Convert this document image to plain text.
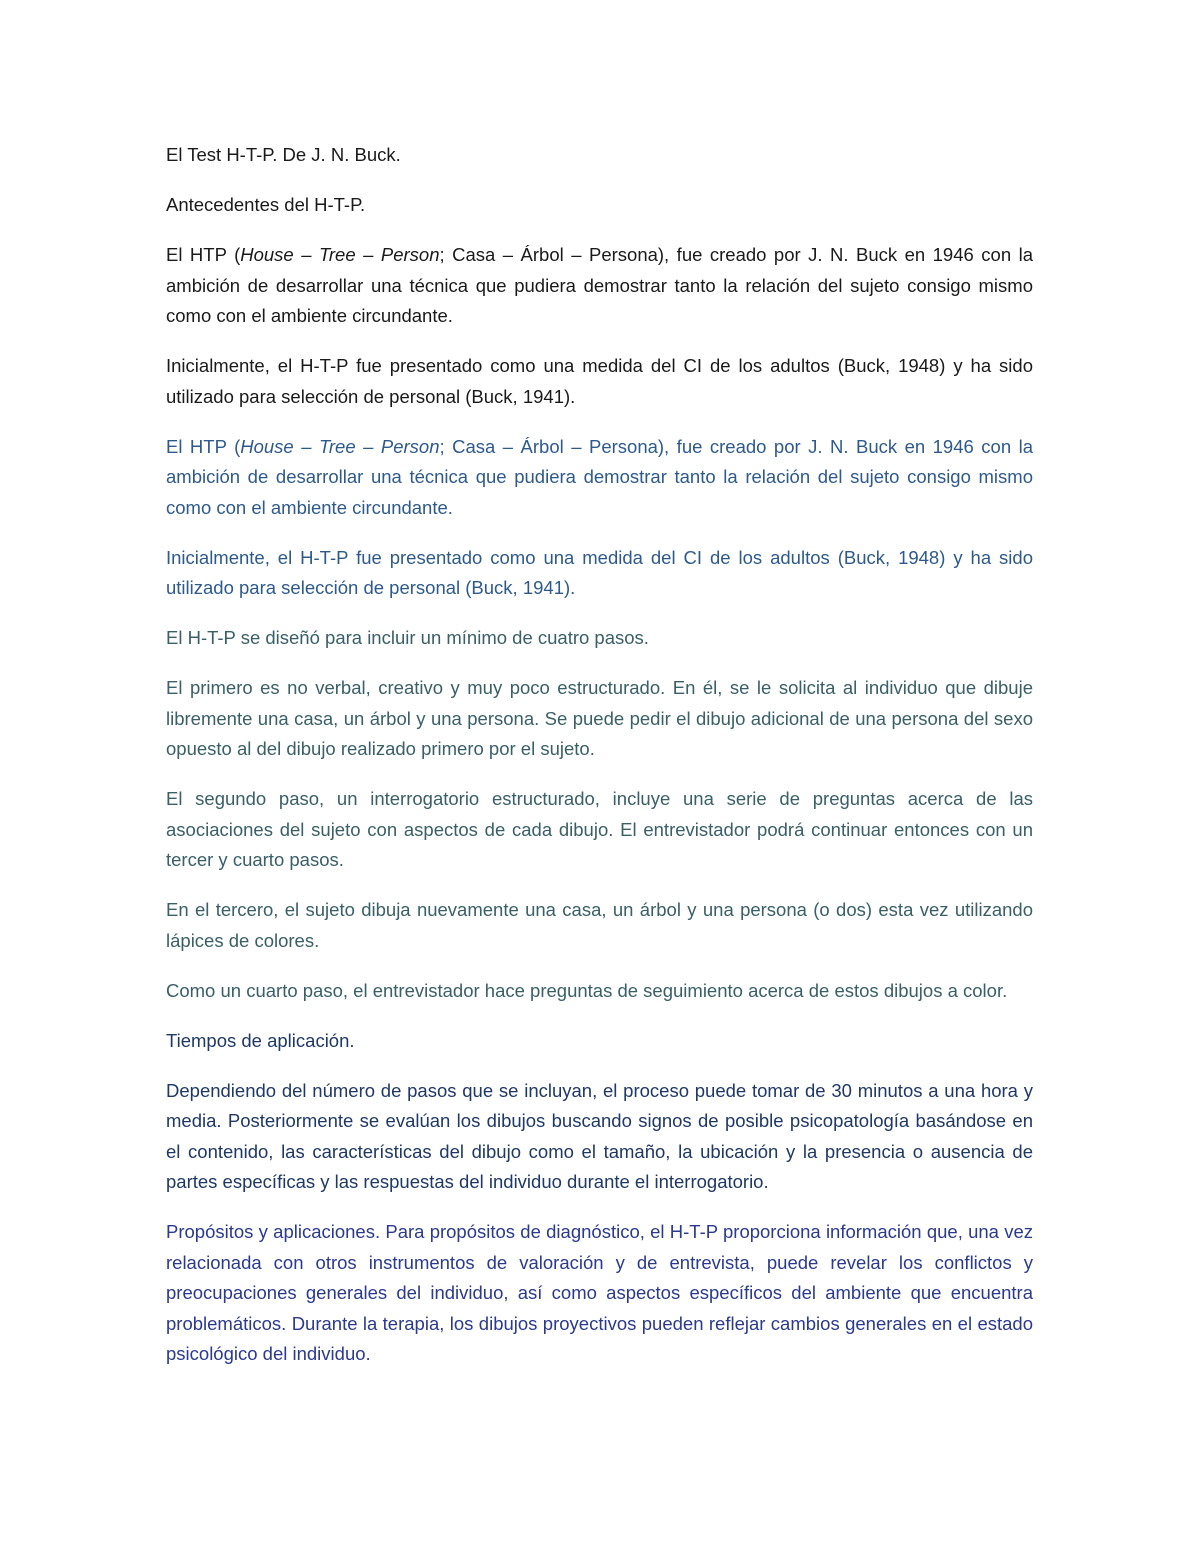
El Test H-T-P. De J. N. Buck.

Antecedentes del H-T-P.

El HTP (House – Tree – Person; Casa – Árbol – Persona), fue creado por J. N. Buck en 1946 con la ambición de desarrollar una técnica que pudiera demostrar tanto la relación del sujeto consigo mismo como con el ambiente circundante.

Inicialmente, el H-T-P fue presentado como una medida del CI de los adultos (Buck, 1948) y ha sido utilizado para selección de personal (Buck, 1941).

El HTP (House – Tree – Person; Casa – Árbol – Persona), fue creado por J. N. Buck en 1946 con la ambición de desarrollar una técnica que pudiera demostrar tanto la relación del sujeto consigo mismo como con el ambiente circundante.

Inicialmente, el H-T-P fue presentado como una medida del CI de los adultos (Buck, 1948) y ha sido utilizado para selección de personal (Buck, 1941).

El H-T-P se diseñó para incluir un mínimo de cuatro pasos.

El primero es no verbal, creativo y muy poco estructurado. En él, se le solicita al individuo que dibuje libremente una casa, un árbol y una persona. Se puede pedir el dibujo adicional de una persona del sexo opuesto al del dibujo realizado primero por el sujeto.

El segundo paso, un interrogatorio estructurado, incluye una serie de preguntas acerca de las asociaciones del sujeto con aspectos de cada dibujo. El entrevistador podrá continuar entonces con un tercer y cuarto pasos.

En el tercero, el sujeto dibuja nuevamente una casa, un árbol y una persona (o dos) esta vez utilizando lápices de colores.

Como un cuarto paso, el entrevistador hace preguntas de seguimiento acerca de estos dibujos a color.

Tiempos de aplicación.

Dependiendo del número de pasos que se incluyan, el proceso puede tomar de 30 minutos a una hora y media. Posteriormente se evalúan los dibujos buscando signos de posible psicopatología basándose en el contenido, las características del dibujo como el tamaño, la ubicación y la presencia o ausencia de partes específicas y las respuestas del individuo durante el interrogatorio.

Propósitos y aplicaciones. Para propósitos de diagnóstico, el H-T-P proporciona información que, una vez relacionada con otros instrumentos de valoración y de entrevista, puede revelar los conflictos y preocupaciones generales del individuo, así como aspectos específicos del ambiente que encuentra problemáticos. Durante la terapia, los dibujos proyectivos pueden reflejar cambios generales en el estado psicológico del individuo.
